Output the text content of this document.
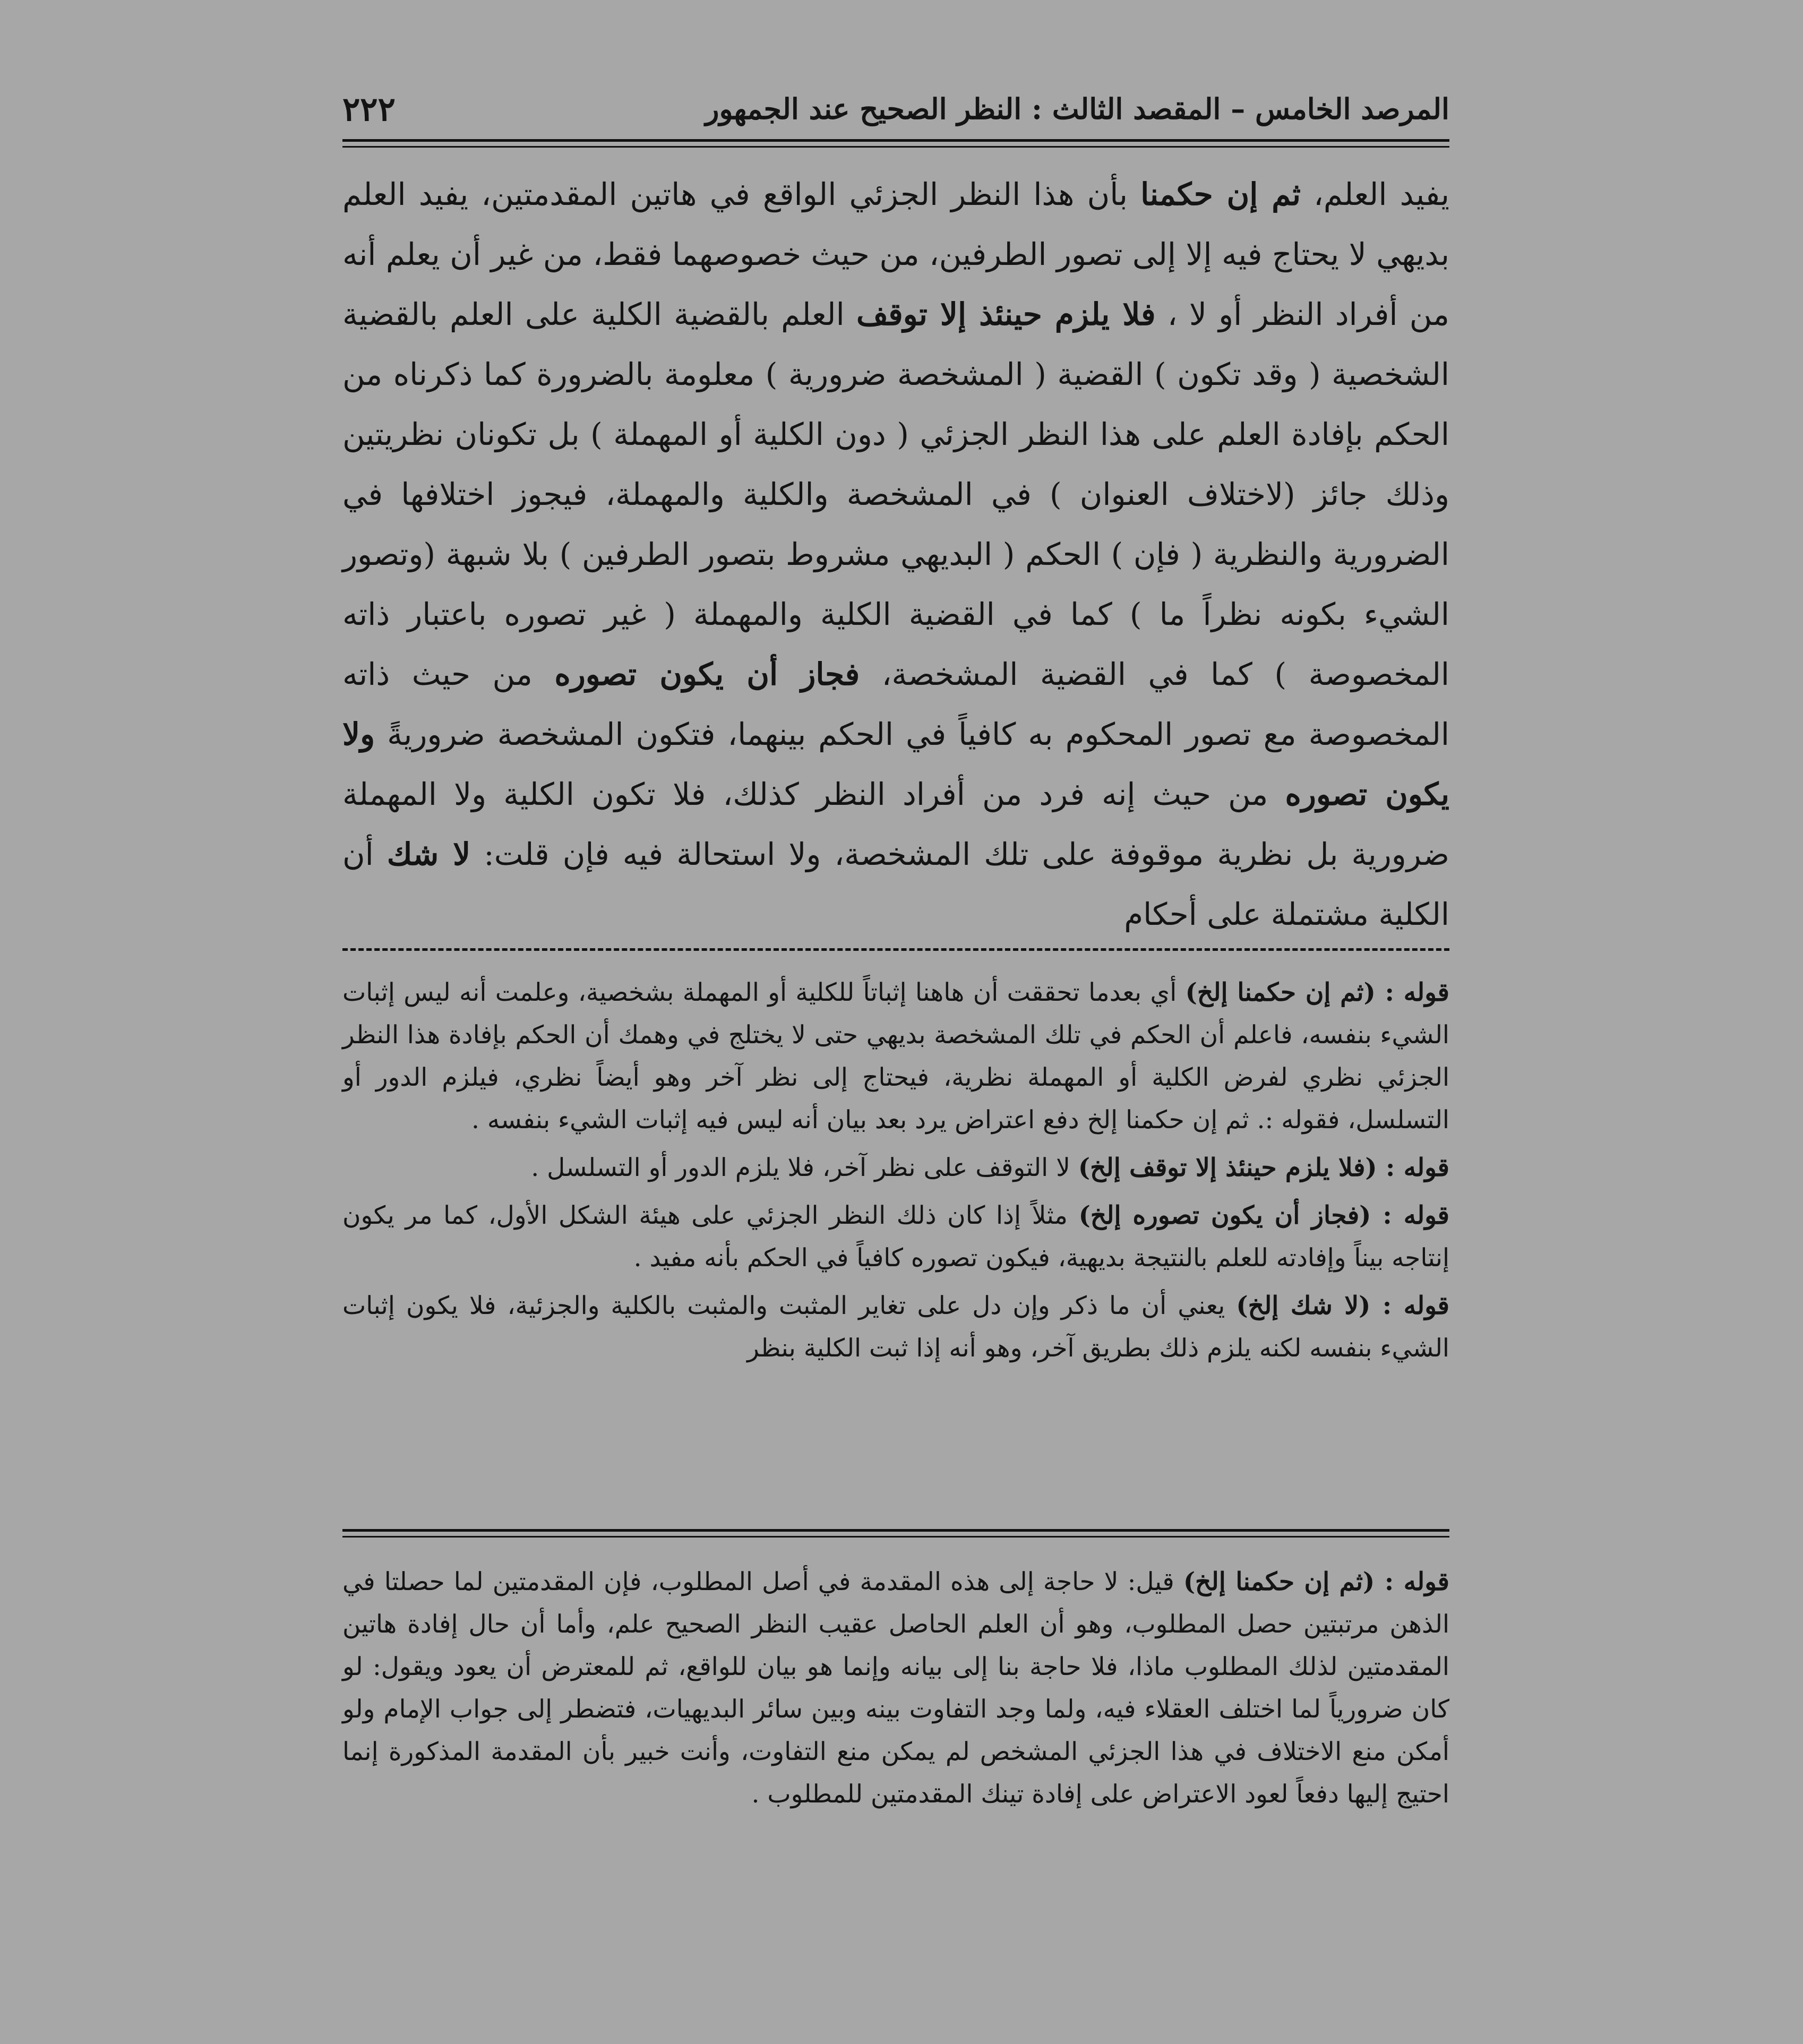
المرصد الخامس – المقصد الثالث : النظر الصحيح عند الجمهور
٢٢٢
يفيد العلم، ثم إن حكمنا بأن هذا النظر الجزئي الواقع في هاتين المقدمتين، يفيد العلم بديهي لا يحتاج فيه إلا إلى تصور الطرفين، من حيث خصوصهما فقط، من غير أن يعلم أنه من أفراد النظر أو لا ، فلا يلزم حينئذ إلا توقف العلم بالقضية الكلية على العلم بالقضية الشخصية ( وقد تكون ) القضية ( المشخصة ضرورية ) معلومة بالضرورة كما ذكرناه من الحكم بإفادة العلم على هذا النظر الجزئي ( دون الكلية أو المهملة ) بل تكونان نظريتين وذلك جائز (لاختلاف العنوان ) في المشخصة والكلية والمهملة، فيجوز اختلافها في الضرورية والنظرية ( فإن ) الحكم ( البديهي مشروط بتصور الطرفين ) بلا شبهة (وتصور الشيء بكونه نظراً ما ) كما في القضية الكلية والمهملة ( غير تصوره باعتبار ذاته المخصوصة ) كما في القضية المشخصة، فجاز أن يكون تصوره من حيث ذاته المخصوصة مع تصور المحكوم به كافياً في الحكم بينهما، فتكون المشخصة ضروريةً ولا يكون تصوره من حيث إنه فرد من أفراد النظر كذلك، فلا تكون الكلية ولا المهملة ضرورية بل نظرية موقوفة على تلك المشخصة، ولا استحالة فيه فإن قلت: لا شك أن الكلية مشتملة على أحكام
قوله : (ثم إن حكمنا إلخ) أي بعدما تحققت أن هاهنا إثباتاً للكلية أو المهملة بشخصية، وعلمت أنه ليس إثبات الشيء بنفسه، فاعلم أن الحكم في تلك المشخصة بديهي حتى لا يختلج في وهمك أن الحكم بإفادة هذا النظر الجزئي نظري لفرض الكلية أو المهملة نظرية، فيحتاج إلى نظر آخر وهو أيضاً نظري، فيلزم الدور أو التسلسل، فقوله :. ثم إن حكمنا إلخ دفع اعتراض يرد بعد بيان أنه ليس فيه إثبات الشيء بنفسه .
قوله : (فلا يلزم حينئذ إلا توقف إلخ) لا التوقف على نظر آخر، فلا يلزم الدور أو التسلسل .
قوله : (فجاز أن يكون تصوره إلخ) مثلاً إذا كان ذلك النظر الجزئي على هيئة الشكل الأول، كما مر يكون إنتاجه بيناً وإفادته للعلم بالنتيجة بديهية، فيكون تصوره كافياً في الحكم بأنه مفيد .
قوله : (لا شك إلخ) يعني أن ما ذكر وإن دل على تغاير المثبت والمثبت بالكلية والجزئية، فلا يكون إثبات الشيء بنفسه لكنه يلزم ذلك بطريق آخر، وهو أنه إذا ثبت الكلية بنظر
قوله : (ثم إن حكمنا إلخ) قيل: لا حاجة إلى هذه المقدمة في أصل المطلوب، فإن المقدمتين لما حصلتا في الذهن مرتبتين حصل المطلوب، وهو أن العلم الحاصل عقيب النظر الصحيح علم، وأما أن حال إفادة هاتين المقدمتين لذلك المطلوب ماذا، فلا حاجة بنا إلى بيانه وإنما هو بيان للواقع، ثم للمعترض أن يعود ويقول: لو كان ضرورياً لما اختلف العقلاء فيه، ولما وجد التفاوت بينه وبين سائر البديهيات، فتضطر إلى جواب الإمام ولو أمكن منع الاختلاف في هذا الجزئي المشخص لم يمكن منع التفاوت، وأنت خبير بأن المقدمة المذكورة إنما احتيج إليها دفعاً لعود الاعتراض على إفادة تينك المقدمتين للمطلوب .
